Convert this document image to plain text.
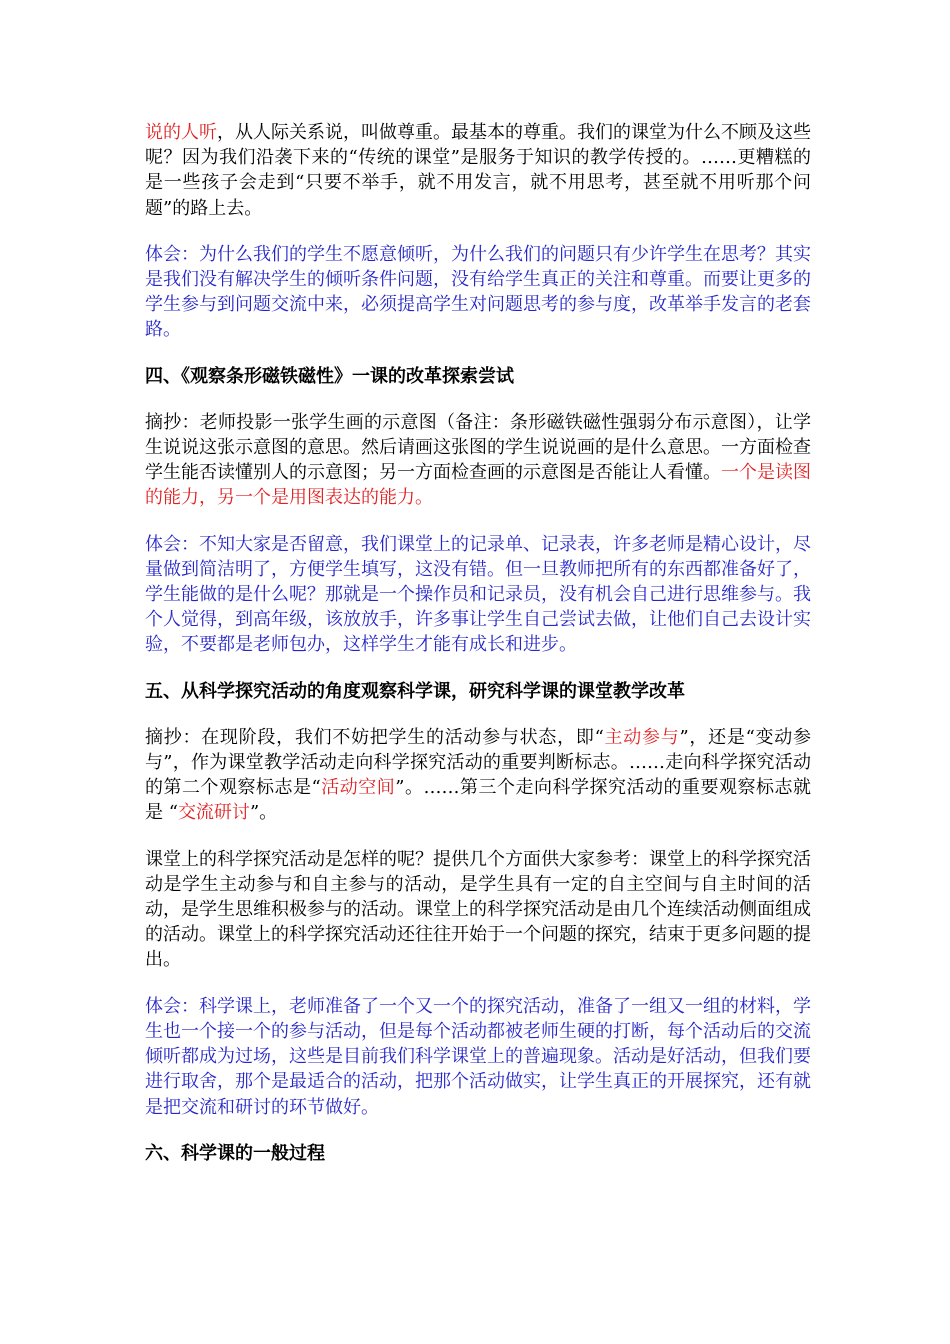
说的人听，从人际关系说，叫做尊重。最基本的尊重。我们的课堂为什么不顾及这些呢？因为我们沿袭下来的“传统的课堂”是服务于知识的教学传授的。……更糟糕的是一些孩子会走到“只要不举手，就不用发言，就不用思考，甚至就不用听那个问题”的路上去。

体会：为什么我们的学生不愿意倾听，为什么我们的问题只有少许学生在思考？其实是我们没有解决学生的倾听条件问题，没有给学生真正的关注和尊重。而要让更多的学生参与到问题交流中来，必须提高学生对问题思考的参与度，改革举手发言的老套路。

四、《观察条形磁铁磁性》一课的改革探索尝试

摘抄：老师投影一张学生画的示意图（备注：条形磁铁磁性强弱分布示意图），让学生说说这张示意图的意思。然后请画这张图的学生说说画的是什么意思。一方面检查学生能否读懂别人的示意图；另一方面检查画的示意图是否能让人看懂。一个是读图的能力，另一个是用图表达的能力。

体会：不知大家是否留意，我们课堂上的记录单、记录表，许多老师是精心设计，尽量做到简洁明了，方便学生填写，这没有错。但一旦教师把所有的东西都准备好了，学生能做的是什么呢？那就是一个操作员和记录员，没有机会自己进行思维参与。我个人觉得，到高年级，该放放手，许多事让学生自己尝试去做，让他们自己去设计实验，不要都是老师包办，这样学生才能有成长和进步。

五、从科学探究活动的角度观察科学课，研究科学课的课堂教学改革

摘抄：在现阶段，我们不妨把学生的活动参与状态，即“主动参与”，还是“变动参与”，作为课堂教学活动走向科学探究活动的重要判断标志。……走向科学探究活动的第二个观察标志是“活动空间”。……第三个走向科学探究活动的重要观察标志就是 “交流研讨”。

课堂上的科学探究活动是怎样的呢？提供几个方面供大家参考：课堂上的科学探究活动是学生主动参与和自主参与的活动，是学生具有一定的自主空间与自主时间的活动，是学生思维积极参与的活动。课堂上的科学探究活动是由几个连续活动侧面组成的活动。课堂上的科学探究活动还往往开始于一个问题的探究，结束于更多问题的提出。

体会：科学课上，老师准备了一个又一个的探究活动，准备了一组又一组的材料，学生也一个接一个的参与活动，但是每个活动都被老师生硬的打断，每个活动后的交流倾听都成为过场，这些是目前我们科学课堂上的普遍现象。活动是好活动，但我们要进行取舍，那个是最适合的活动，把那个活动做实，让学生真正的开展探究，还有就是把交流和研讨的环节做好。

六、科学课的一般过程
